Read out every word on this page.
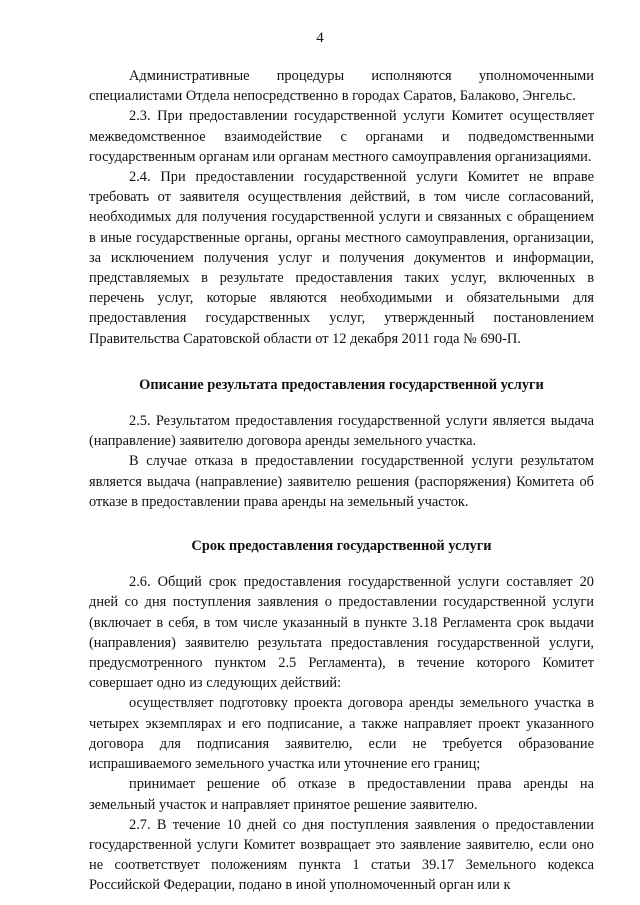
4

Административные процедуры исполняются уполномоченными специалистами Отдела непосредственно в городах Саратов, Балаково, Энгельс.

2.3. При предоставлении государственной услуги Комитет осуществляет межведомственное взаимодействие с органами и подведомственными государственным органам или органам местного самоуправления организациями.

2.4. При предоставлении государственной услуги Комитет не вправе требовать от заявителя осуществления действий, в том числе согласований, необходимых для получения государственной услуги и связанных с обращением в иные государственные органы, органы местного самоуправления, организации, за исключением получения услуг и получения документов и информации, представляемых в результате предоставления таких услуг, включенных в перечень услуг, которые являются необходимыми и обязательными для предоставления государственных услуг, утвержденный постановлением Правительства Саратовской области от 12 декабря 2011 года № 690-П.

Описание результата предоставления государственной услуги

2.5. Результатом предоставления государственной услуги является выдача (направление) заявителю договора аренды земельного участка.

В случае отказа в предоставлении государственной услуги результатом является выдача (направление) заявителю решения (распоряжения) Комитета об отказе в предоставлении права аренды на земельный участок.

Срок предоставления государственной услуги

2.6. Общий срок предоставления государственной услуги составляет 20 дней со дня поступления заявления о предоставлении государственной услуги (включает в себя, в том числе указанный в пункте 3.18 Регламента срок выдачи (направления) заявителю результата предоставления государственной услуги, предусмотренного пунктом 2.5 Регламента), в течение которого Комитет совершает одно из следующих действий:

осуществляет подготовку проекта договора аренды земельного участка в четырех экземплярах и его подписание, а также направляет проект указанного договора для подписания заявителю, если не требуется образование испрашиваемого земельного участка или уточнение его границ;

принимает решение об отказе в предоставлении права аренды на земельный участок и направляет принятое решение заявителю.

2.7. В течение 10 дней со дня поступления заявления о предоставлении государственной услуги Комитет возвращает это заявление заявителю, если оно не соответствует положениям пункта 1 статьи 39.17 Земельного кодекса Российской Федерации, подано в иной уполномоченный орган или к
